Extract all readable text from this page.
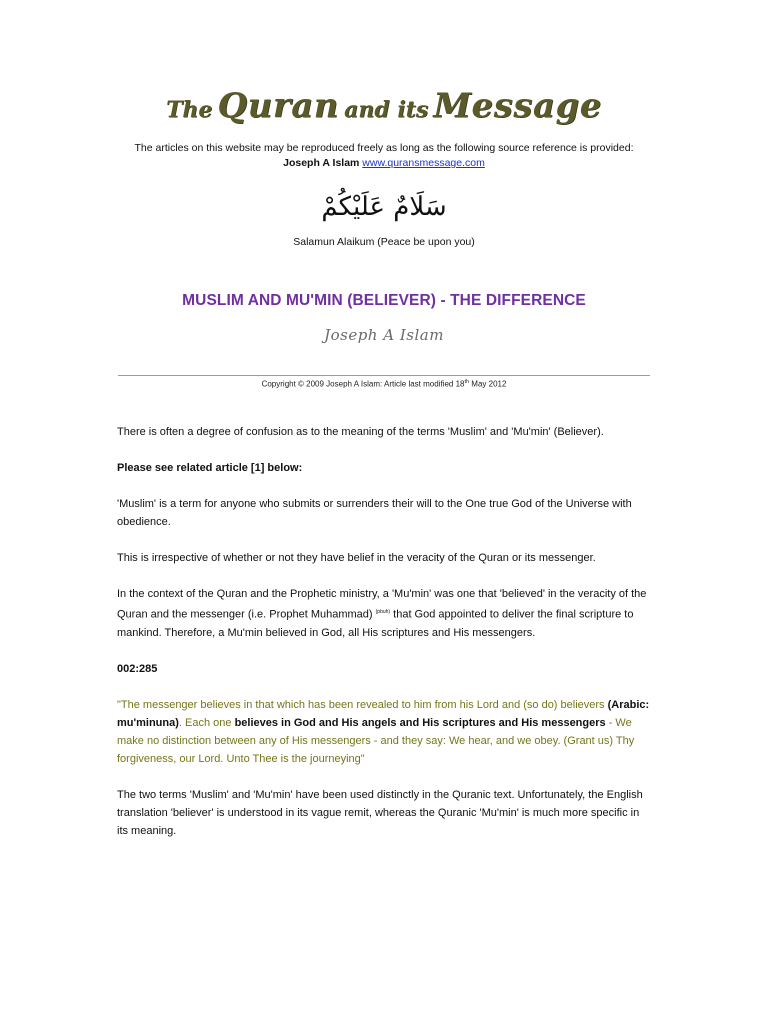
The Quran and its Message
The articles on this website may be reproduced freely as long as the following source reference is provided:
Joseph A Islam www.quransmessage.com
سَلَامٌ عَلَيْكُمْ
Salamun Alaikum (Peace be upon you)
MUSLIM AND MU'MIN (BELIEVER) - THE DIFFERENCE
Joseph A Islam
Copyright © 2009 Joseph A Islam: Article last modified 18th May 2012

There is often a degree of confusion as to the meaning of the terms 'Muslim' and 'Mu'min' (Believer).

Please see related article [1] below:

'Muslim' is a term for anyone who submits or surrenders their will to the One true God of the Universe with obedience.

This is irrespective of whether or not they have belief in the veracity of the Quran or its messenger.

In the context of the Quran and the Prophetic ministry, a 'Mu'min' was one that 'believed' in the veracity of the Quran and the messenger (i.e. Prophet Muhammad) $^{(pbuh)}$ that God appointed to deliver the final scripture to mankind. Therefore, a Mu'min believed in God, all His scriptures and His messengers.

002:285

"The messenger believes in that which has been revealed to him from his Lord and (so do) believers (Arabic: mu'minuna). Each one believes in God and His angels and His scriptures and His messengers - We make no distinction between any of His messengers - and they say: We hear, and we obey. (Grant us) Thy forgiveness, our Lord. Unto Thee is the journeying"

The two terms 'Muslim' and 'Mu'min' have been used distinctly in the Quranic text. Unfortunately, the English translation 'believer' is understood in its vague remit, whereas the Quranic 'Mu'min' is much more specific in its meaning.
